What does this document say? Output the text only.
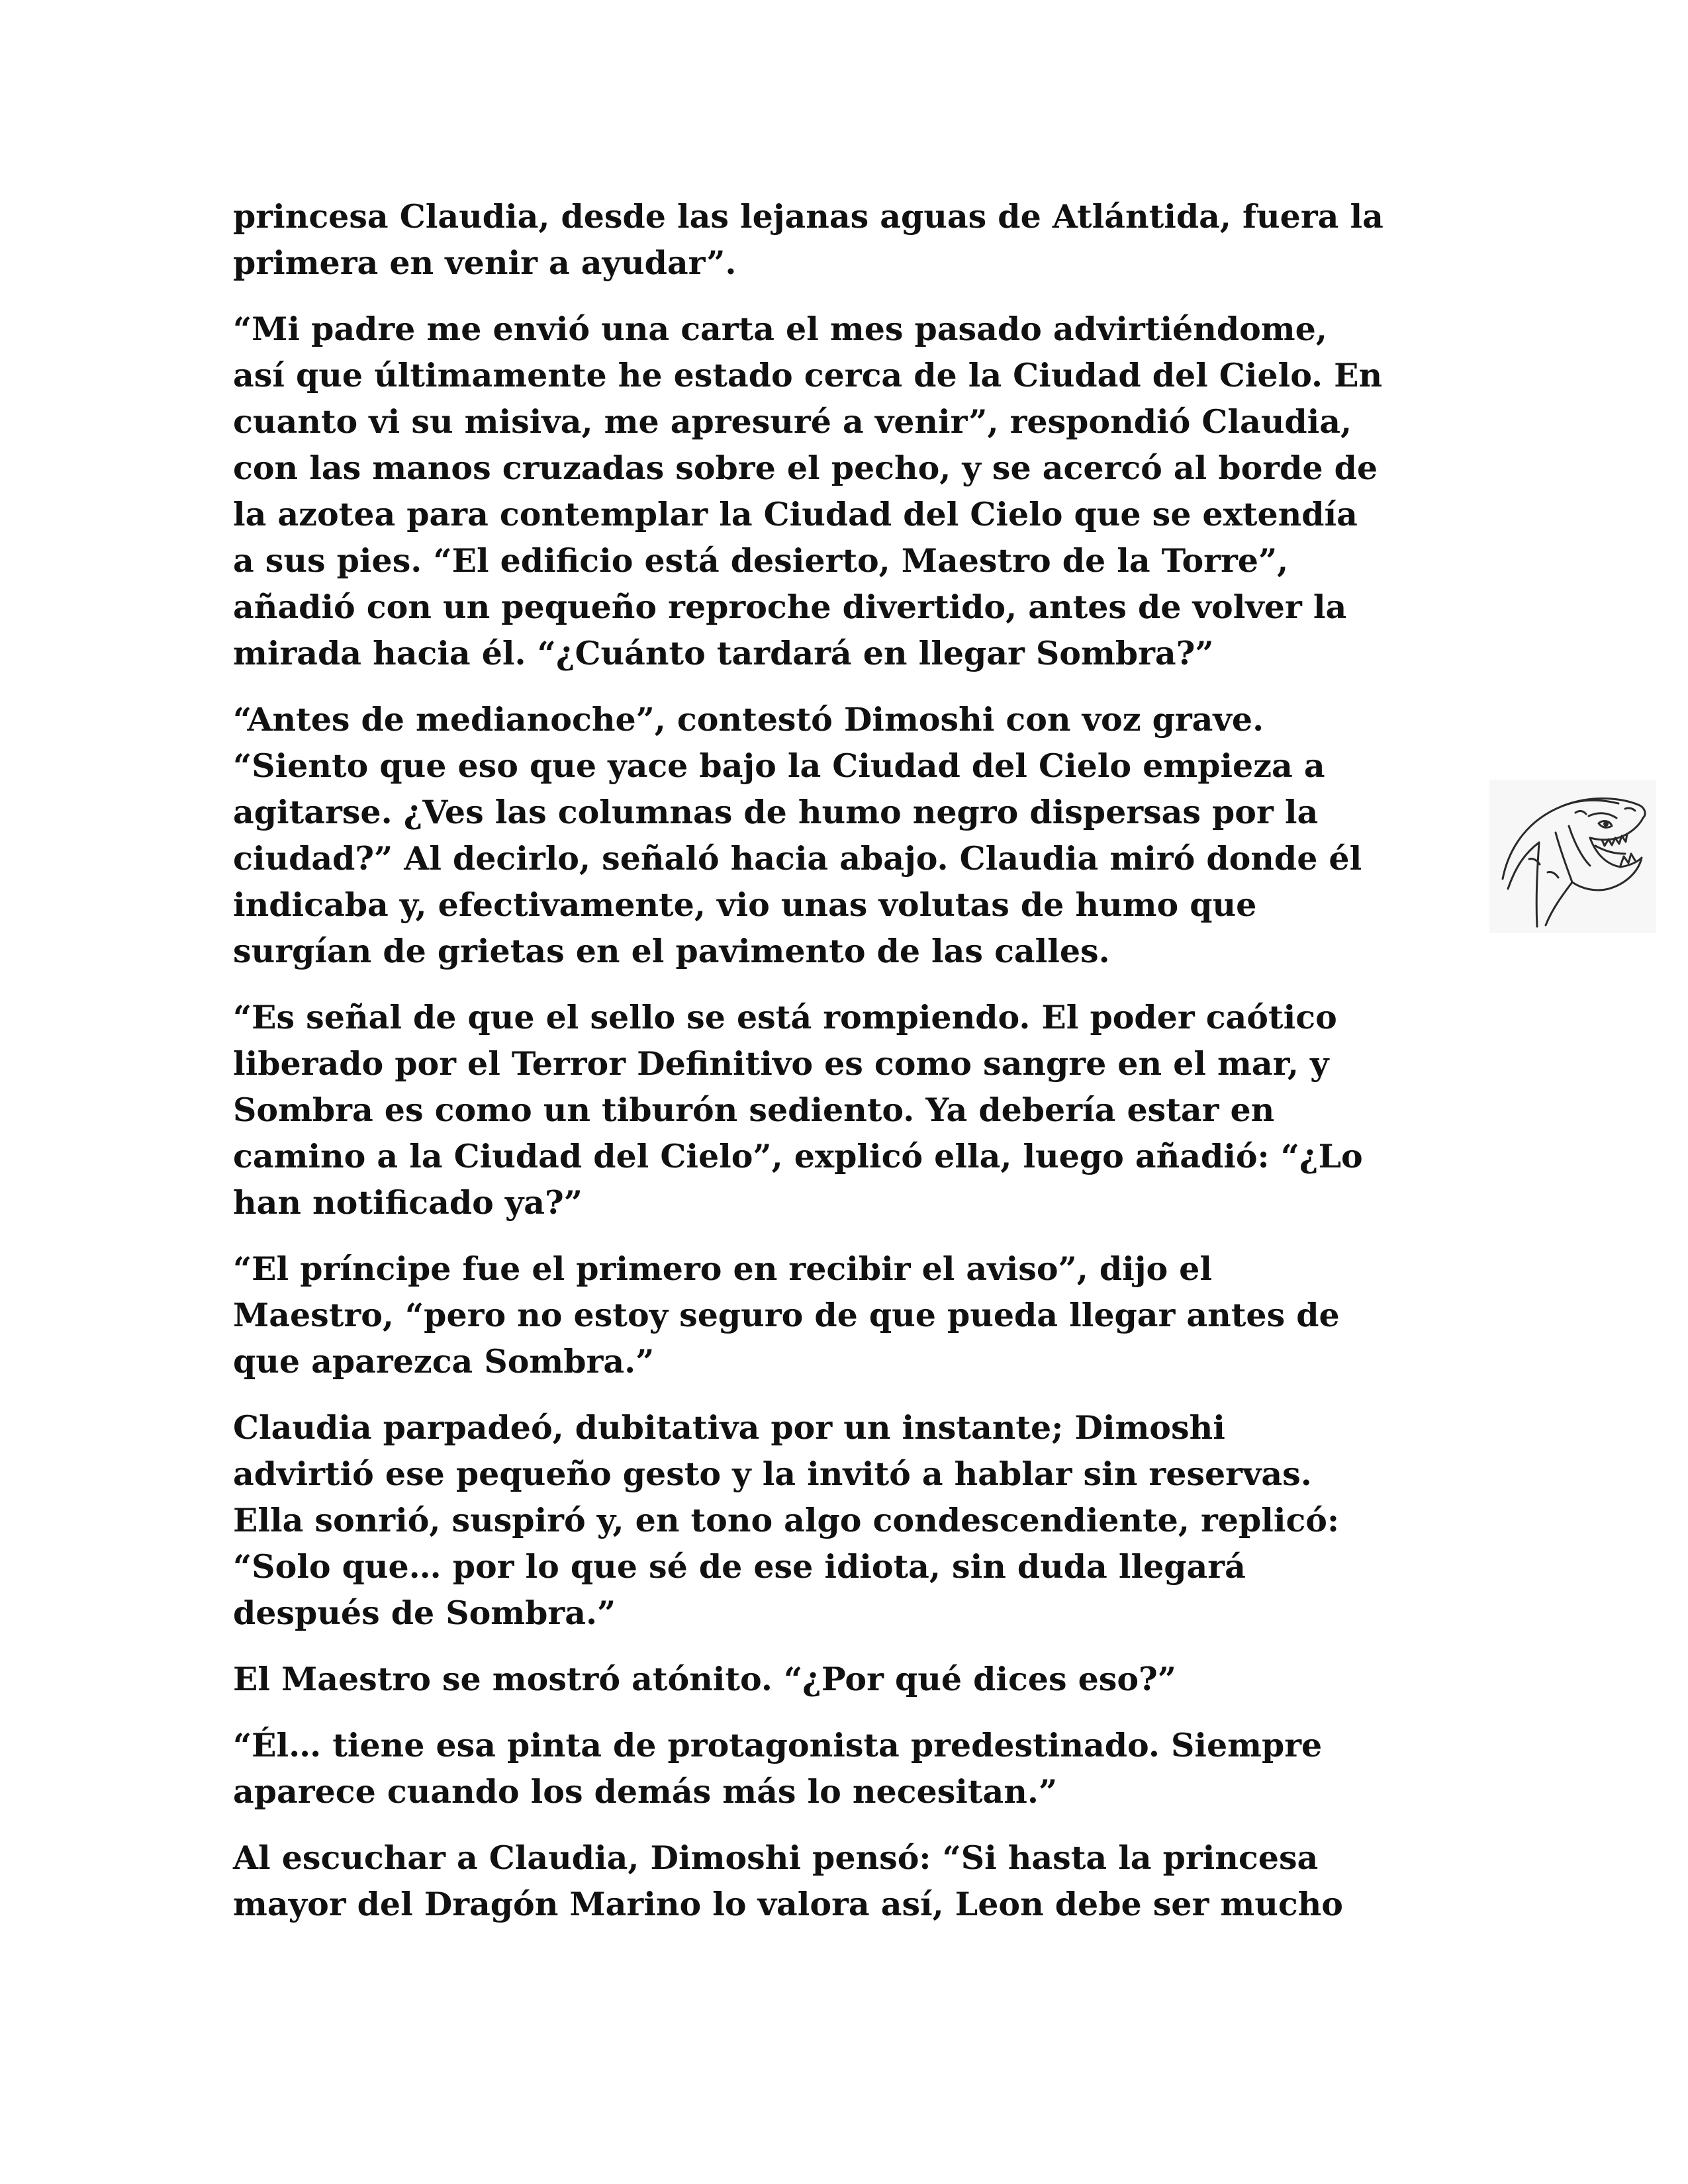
princesa Claudia, desde las lejanas aguas de Atlántida, fuera la
primera en venir a ayudar”.

“Mi padre me envió una carta el mes pasado advirtiéndome,
así que últimamente he estado cerca de la Ciudad del Cielo. En
cuanto vi su misiva, me apresuré a venir”, respondió Claudia,
con las manos cruzadas sobre el pecho, y se acercó al borde de
la azotea para contemplar la Ciudad del Cielo que se extendía
a sus pies. “El edificio está desierto, Maestro de la Torre”,
añadió con un pequeño reproche divertido, antes de volver la
mirada hacia él. “¿Cuánto tardará en llegar Sombra?”

“Antes de medianoche”, contestó Dimoshi con voz grave.
“Siento que eso que yace bajo la Ciudad del Cielo empieza a
agitarse. ¿Ves las columnas de humo negro dispersas por la
ciudad?” Al decirlo, señaló hacia abajo. Claudia miró donde él
indicaba y, efectivamente, vio unas volutas de humo que
surgían de grietas en el pavimento de las calles.

“Es señal de que el sello se está rompiendo. El poder caótico
liberado por el Terror Definitivo es como sangre en el mar, y
Sombra es como un tiburón sediento. Ya debería estar en
camino a la Ciudad del Cielo”, explicó ella, luego añadió: “¿Lo
han notificado ya?”

“El príncipe fue el primero en recibir el aviso”, dijo el
Maestro, “pero no estoy seguro de que pueda llegar antes de
que aparezca Sombra.”

Claudia parpadeó, dubitativa por un instante; Dimoshi
advirtió ese pequeño gesto y la invitó a hablar sin reservas.
Ella sonrió, suspiró y, en tono algo condescendiente, replicó:
“Solo que… por lo que sé de ese idiota, sin duda llegará
después de Sombra.”

El Maestro se mostró atónito. “¿Por qué dices eso?”

“Él… tiene esa pinta de protagonista predestinado. Siempre
aparece cuando los demás más lo necesitan.”

Al escuchar a Claudia, Dimoshi pensó: “Si hasta la princesa
mayor del Dragón Marino lo valora así, Leon debe ser mucho
